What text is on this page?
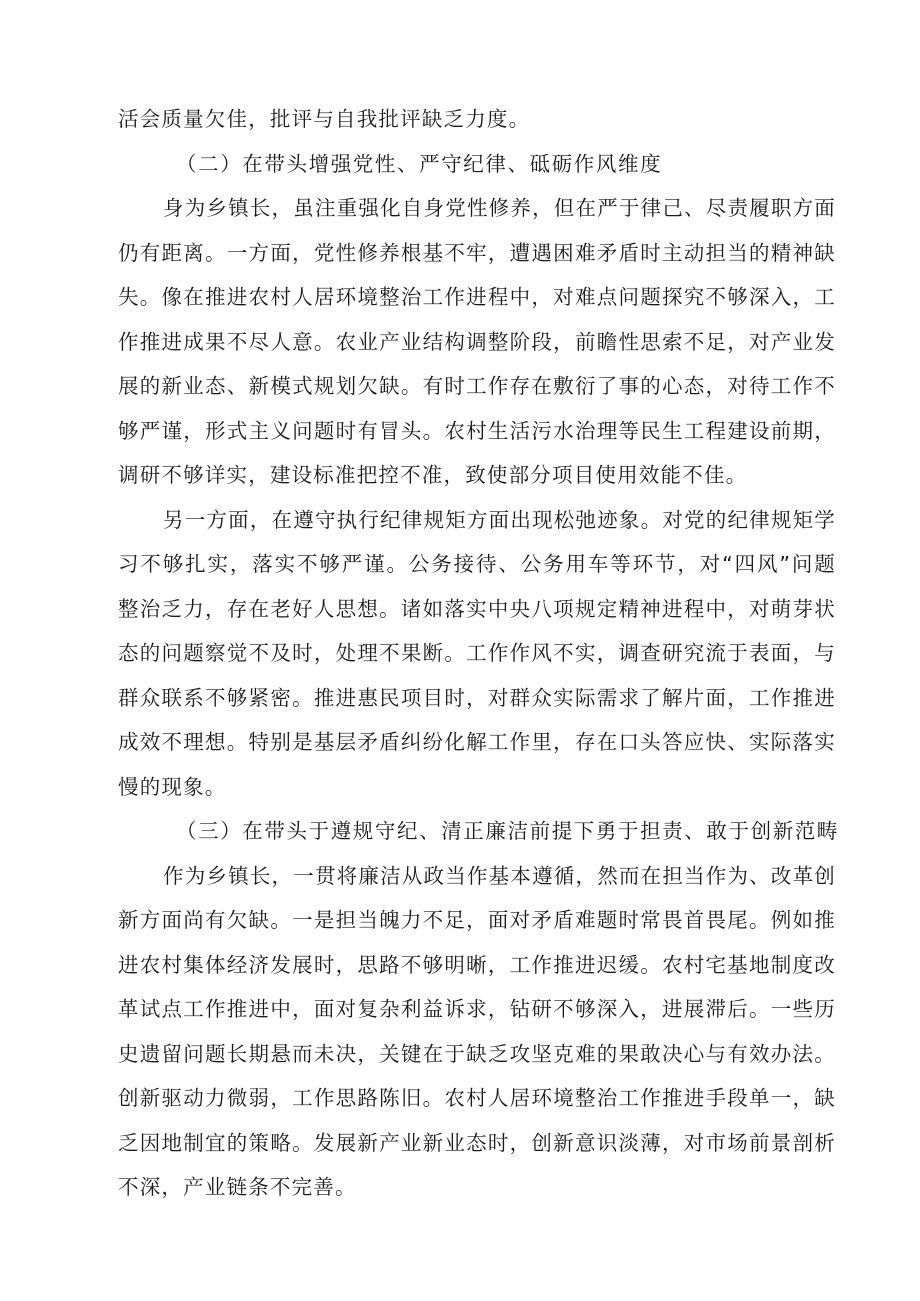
活会质量欠佳，批评与自我批评缺乏力度。

（二）在带头增强党性、严守纪律、砥砺作风维度

身为乡镇长，虽注重强化自身党性修养，但在严于律己、尽责履职方面仍有距离。一方面，党性修养根基不牢，遭遇困难矛盾时主动担当的精神缺失。像在推进农村人居环境整治工作进程中，对难点问题探究不够深入，工作推进成果不尽人意。农业产业结构调整阶段，前瞻性思索不足，对产业发展的新业态、新模式规划欠缺。有时工作存在敷衍了事的心态，对待工作不够严谨，形式主义问题时有冒头。农村生活污水治理等民生工程建设前期，调研不够详实，建设标准把控不准，致使部分项目使用效能不佳。

另一方面，在遵守执行纪律规矩方面出现松弛迹象。对党的纪律规矩学习不够扎实，落实不够严谨。公务接待、公务用车等环节，对“四风”问题整治乏力，存在老好人思想。诸如落实中央八项规定精神进程中，对萌芽状态的问题察觉不及时，处理不果断。工作作风不实，调查研究流于表面，与群众联系不够紧密。推进惠民项目时，对群众实际需求了解片面，工作推进成效不理想。特别是基层矛盾纠纷化解工作里，存在口头答应快、实际落实慢的现象。

（三）在带头于遵规守纪、清正廉洁前提下勇于担责、敢于创新范畴

作为乡镇长，一贯将廉洁从政当作基本遵循，然而在担当作为、改革创新方面尚有欠缺。一是担当魄力不足，面对矛盾难题时常畏首畏尾。例如推进农村集体经济发展时，思路不够明晰，工作推进迟缓。农村宅基地制度改革试点工作推进中，面对复杂利益诉求，钻研不够深入，进展滞后。一些历史遗留问题长期悬而未决，关键在于缺乏攻坚克难的果敢决心与有效办法。创新驱动力微弱，工作思路陈旧。农村人居环境整治工作推进手段单一，缺乏因地制宜的策略。发展新产业新业态时，创新意识淡薄，对市场前景剖析不深，产业链条不完善。
